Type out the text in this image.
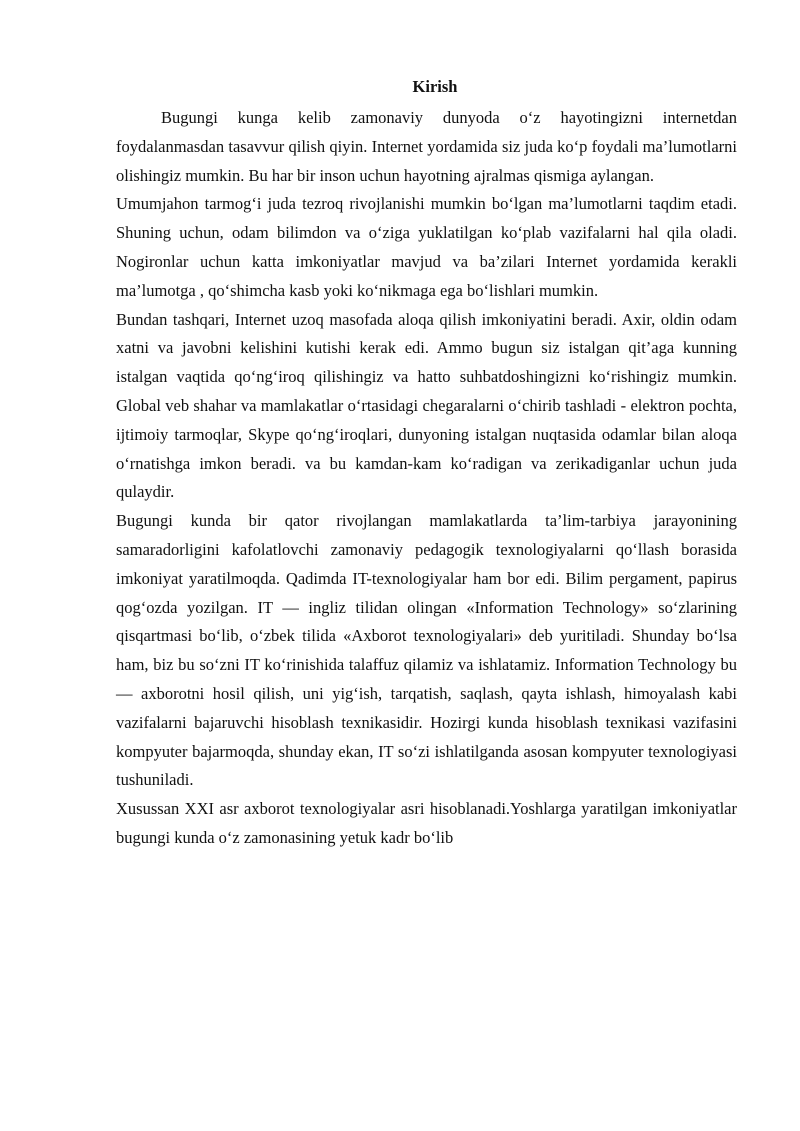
Kirish

Bugungi kunga kelib zamonaviy dunyoda o‘z hayotingizni internetdan foydalanmasdan tasavvur qilish qiyin. Internet yordamida siz juda ko‘p foydali ma’lumotlarni olishingiz mumkin. Bu har bir inson uchun hayotning ajralmas qismiga aylangan.

Umumjahon tarmog‘i juda tezroq rivojlanishi mumkin bo‘lgan ma’lumotlarni taqdim etadi. Shuning uchun, odam bilimdon va o‘ziga yuklatilgan ko‘plab vazifalarni hal qila oladi. Nogironlar uchun katta imkoniyatlar mavjud va ba’zilari Internet yordamida kerakli ma’lumotga , qo‘shimcha kasb yoki ko‘nikmaga ega bo‘lishlari mumkin.

Bundan tashqari, Internet uzoq masofada aloqa qilish imkoniyatini beradi. Axir, oldin odam xatni va javobni kelishini kutishi kerak edi. Ammo bugun siz istalgan qit’aga kunning istalgan vaqtida qo‘ng‘iroq qilishingiz va hatto suhbatdoshingizni ko‘rishingiz mumkin. Global veb shahar va mamlakatlar o‘rtasidagi chegaralarni o‘chirib tashladi - elektron pochta, ijtimoiy tarmoqlar, Skype qo‘ng‘iroqlari, dunyoning istalgan nuqtasida odamlar bilan aloqa o‘rnatishga imkon beradi. va bu kamdan-kam ko‘radigan va zerikadiganlar uchun juda qulaydir.

Bugungi kunda bir qator rivojlangan mamlakatlarda ta’lim-tarbiya jarayonining samaradorligini kafolatlovchi zamonaviy pedagogik texnologiyalarni qo‘llash borasida imkoniyat yaratilmoqda. Qadimda IT-texnologiyalar ham bor edi. Bilim pergament, papirus qog‘ozda yozilgan. IT — ingliz tilidan olingan «Information Technology» so‘zlarining qisqartmasi bo‘lib, o‘zbek tilida «Axborot texnologiyalari» deb yuritiladi. Shunday bo‘lsa ham, biz bu so‘zni IT ko‘rinishida talaffuz qilamiz va ishlatamiz. Information Technology bu — axborotni hosil qilish, uni yig‘ish, tarqatish, saqlash, qayta ishlash, himoyalash kabi vazifalarni bajaruvchi hisoblash texnikasidir. Hozirgi kunda hisoblash texnikasi vazifasini kompyuter bajarmoqda, shunday ekan, IT so‘zi ishlatilganda asosan kompyuter texnologiyasi tushuniladi.

Xusussan XXI asr axborot texnologiyalar asri hisoblanadi.Yoshlarga yaratilgan imkoniyatlar bugungi kunda o‘z zamonasining yetuk kadr bo‘lib
